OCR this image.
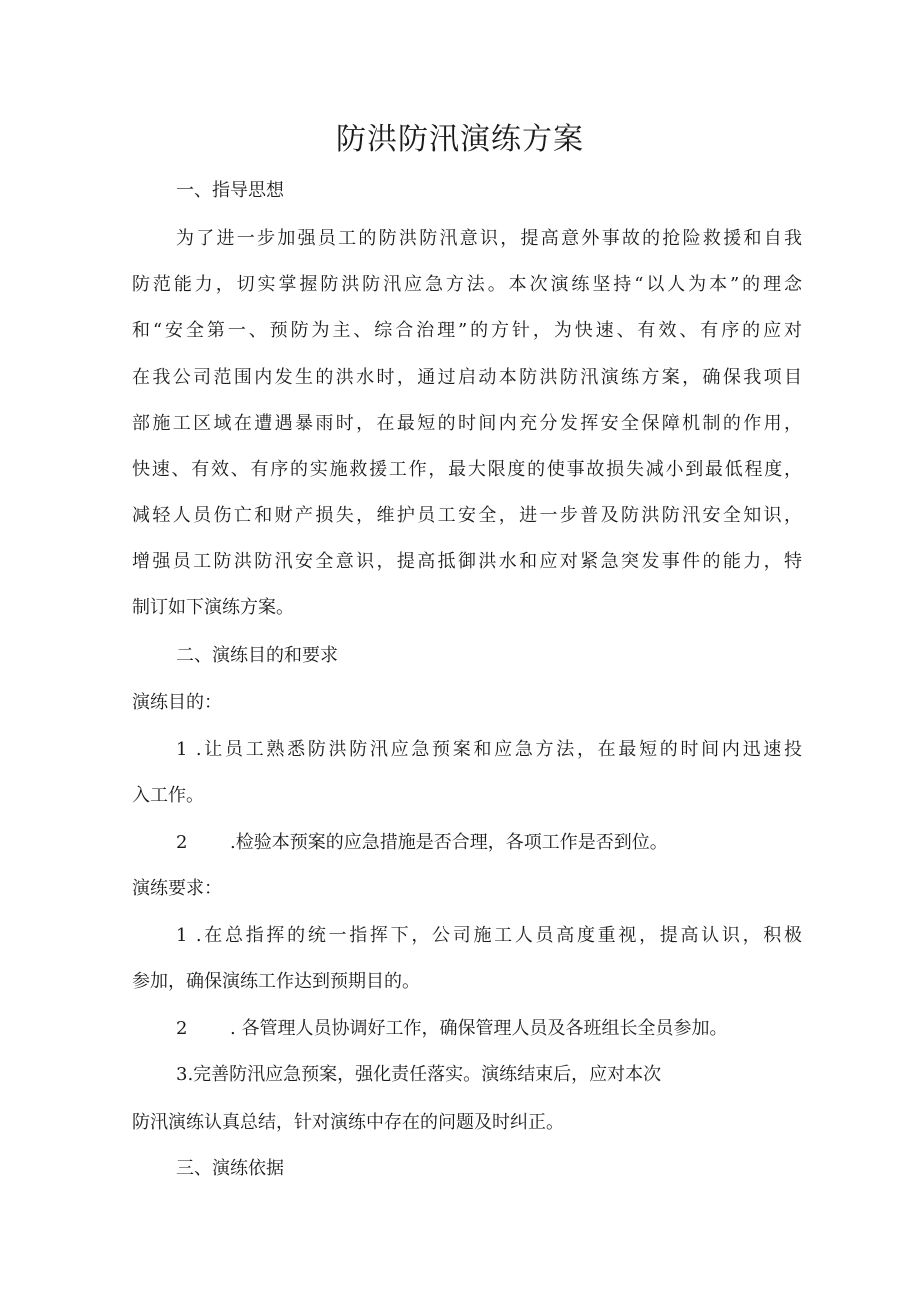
防洪防汛演练方案

一、指导思想

为了进一步加强员工的防洪防汛意识，提高意外事故的抢险救援和自我

防范能力，切实掌握防洪防汛应急方法。本次演练坚持“以人为本”的理念

和“安全第一、预防为主、综合治理”的方针，为快速、有效、有序的应对

在我公司范围内发生的洪水时，通过启动本防洪防汛演练方案，确保我项目

部施工区域在遭遇暴雨时，在最短的时间内充分发挥安全保障机制的作用，

快速、有效、有序的实施救援工作，最大限度的使事故损失减小到最低程度，

减轻人员伤亡和财产损失，维护员工安全，进一步普及防洪防汛安全知识，

增强员工防洪防汛安全意识，提高抵御洪水和应对紧急突发事件的能力，特

制订如下演练方案。

二、演练目的和要求

演练目的：

1 .让员工熟悉防洪防汛应急预案和应急方法，在最短的时间内迅速投

入工作。

2 .检验本预案的应急措施是否合理，各项工作是否到位。

演练要求：

1 .在总指挥的统一指挥下，公司施工人员高度重视，提高认识，积极

参加，确保演练工作达到预期目的。

2 . 各管理人员协调好工作，确保管理人员及各班组长全员参加。

3.完善防汛应急预案，强化责任落实。演练结束后，应对本次

防汛演练认真总结，针对演练中存在的问题及时纠正。

三、演练依据
